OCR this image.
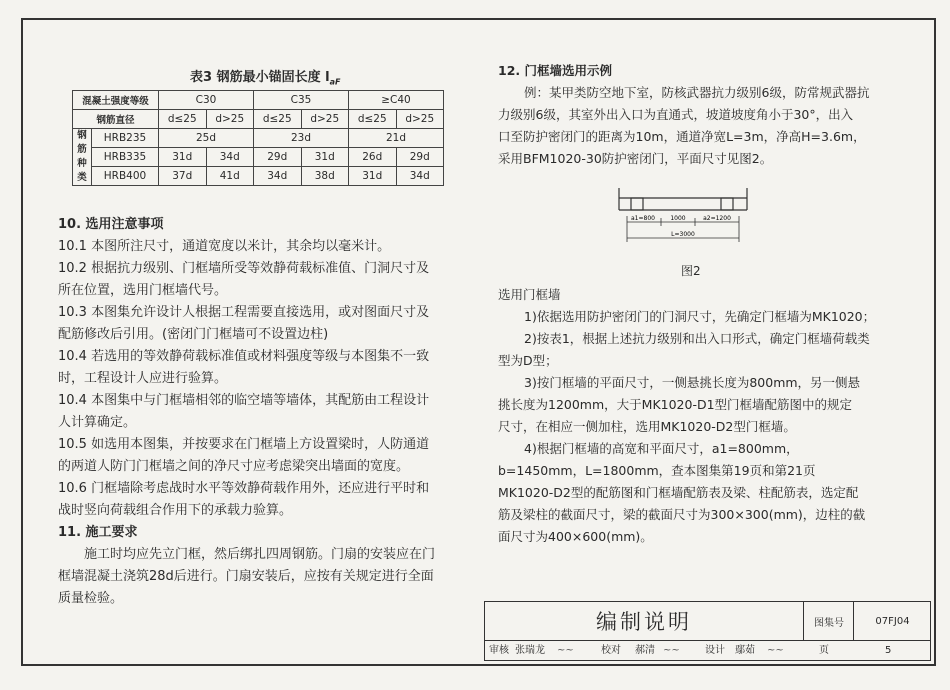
表3 钢筋最小锚固长度 $l_{aF}$
混凝土强度等级		C30		C35		≥C40	
钢筋直径		d≤25	d>25	d≤25	d>25	d≤25	d>25

钢
筋
种
类	HRB235	25d		23d		21d	
	HRB335	31d	34d	29d	31d	26d	29d
	HRB400	37d	41d	34d	38d	31d	34d

10. 选用注意事项

10.1 本图所注尺寸，通道宽度以米计，其余均以毫米计。

10.2 根据抗力级别、门框墙所受等效静荷载标准值、门洞尺寸及

所在位置，选用门框墙代号。

10.3 本图集允许设计人根据工程需要直接选用，或对图面尺寸及

配筋修改后引用。(密闭门门框墙可不设置边柱)

10.4 若选用的等效静荷载标准值或材料强度等级与本图集不一致

时，工程设计人应进行验算。

10.4 本图集中与门框墙相邻的临空墙等墙体，其配筋由工程设计

人计算确定。

10.5 如选用本图集，并按要求在门框墙上方设置梁时，人防通道

的两道人防门门框墙之间的净尺寸应考虑梁突出墙面的宽度。

10.6 门框墙除考虑战时水平等效静荷载作用外，还应进行平时和

战时竖向荷载组合作用下的承载力验算。

11. 施工要求

施工时均应先立门框，然后绑扎四周钢筋。门扇的安装应在门

框墙混凝土浇筑28d后进行。门扇安装后，应按有关规定进行全面

质量检验。

12. 门框墙选用示例

例：某甲类防空地下室，防核武器抗力级别6级，防常规武器抗

力级别6级，其室外出入口为直通式，坡道坡度角小于30°，出入

口至防护密闭门的距离为10m，通道净宽L=3m，净高H=3.6m，

采用BFM1020-30防护密闭门，平面尺寸见图2。

a1=800	1000	a2=1200
L=3000
图2

选用门框墙

1)依据选用防护密闭门的门洞尺寸，先确定门框墙为MK1020；

2)按表1，根据上述抗力级别和出入口形式，确定门框墙荷载类

型为D型；

3)按门框墙的平面尺寸，一侧悬挑长度为800mm，另一侧悬

挑长度为1200mm，大于MK1020-D1型门框墙配筋图中的规定

尺寸，在相应一侧加柱，选用MK1020-D2型门框墙。

4)根据门框墙的高宽和平面尺寸，a1=800mm，

b=1450mm，L=1800mm，查本图集第19页和第21页

MK1020-D2型的配筋图和门框墙配筋表及梁、柱配筋表，选定配

筋及梁柱的截面尺寸，梁的截面尺寸为300×300(mm)，边柱的截

面尺寸为400×600(mm)。

编制说明	图集号	07FJ04
审核 张瑞龙 ~~	校对 郝清 ~~	设计 鄢茹 ~~	页	5
